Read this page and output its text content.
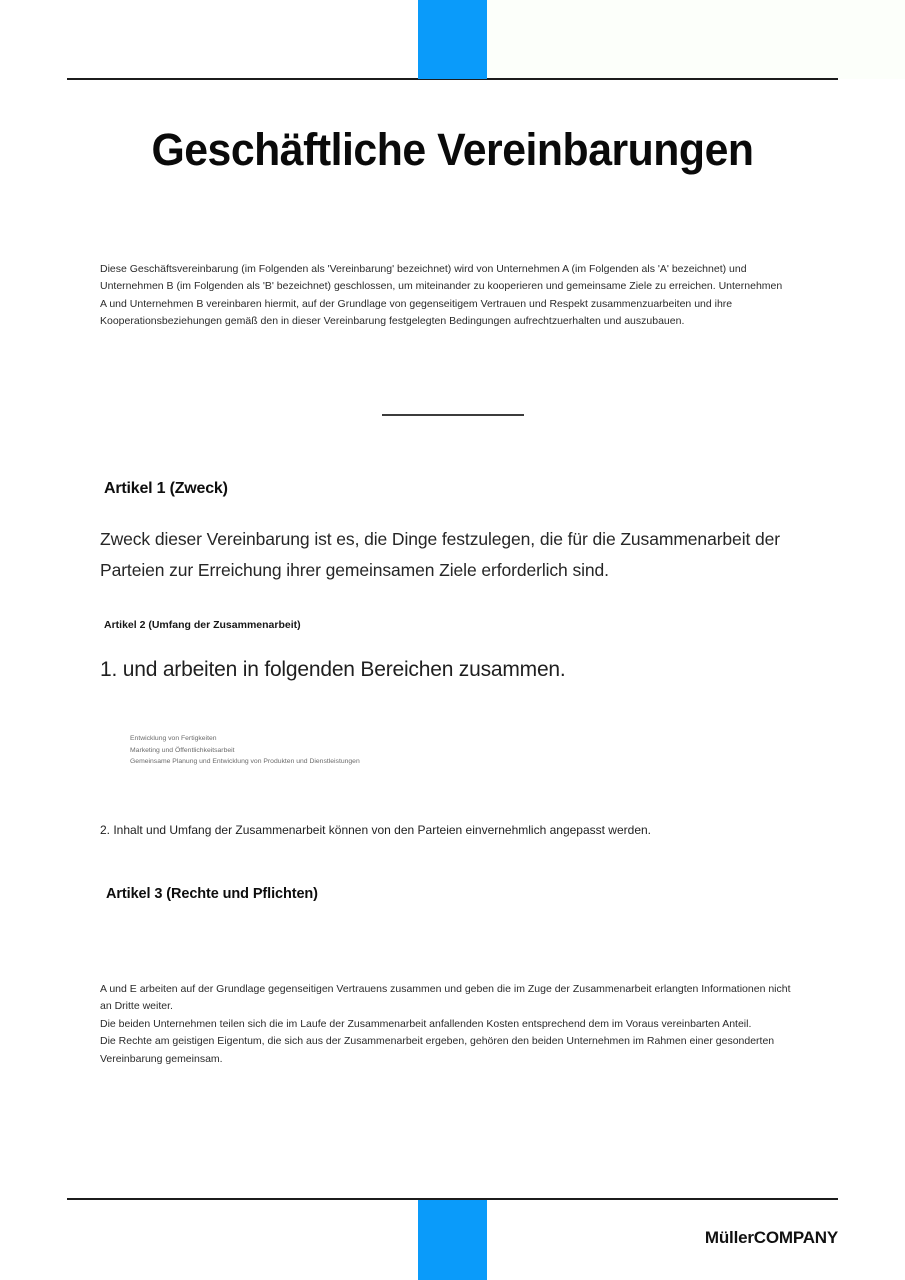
Geschäftliche Vereinbarungen

Diese Geschäftsvereinbarung (im Folgenden als 'Vereinbarung' bezeichnet) wird von Unternehmen A (im Folgenden als 'A' bezeichnet) und Unternehmen B (im Folgenden als 'B' bezeichnet) geschlossen, um miteinander zu kooperieren und gemeinsame Ziele zu erreichen. Unternehmen A und Unternehmen B vereinbaren hiermit, auf der Grundlage von gegenseitigem Vertrauen und Respekt zusammenzuarbeiten und ihre Kooperationsbeziehungen gemäß den in dieser Vereinbarung festgelegten Bedingungen aufrechtzuerhalten und auszubauen.

Artikel 1 (Zweck)

Zweck dieser Vereinbarung ist es, die Dinge festzulegen, die für die Zusammenarbeit der Parteien zur Erreichung ihrer gemeinsamen Ziele erforderlich sind.

Artikel 2 (Umfang der Zusammenarbeit)
1. und arbeiten in folgenden Bereichen zusammen.
Entwicklung von Fertigkeiten
Marketing und Öffentlichkeitsarbeit
Gemeinsame Planung und Entwicklung von Produkten und Dienstleistungen
2. Inhalt und Umfang der Zusammenarbeit können von den Parteien einvernehmlich angepasst werden.
Artikel 3 (Rechte und Pflichten)

A und E arbeiten auf der Grundlage gegenseitigen Vertrauens zusammen und geben die im Zuge der Zusammenarbeit erlangten Informationen nicht an Dritte weiter.

Die beiden Unternehmen teilen sich die im Laufe der Zusammenarbeit anfallenden Kosten entsprechend dem im Voraus vereinbarten Anteil.

Die Rechte am geistigen Eigentum, die sich aus der Zusammenarbeit ergeben, gehören den beiden Unternehmen im Rahmen einer gesonderten Vereinbarung gemeinsam.

MüllerCOMPANY
